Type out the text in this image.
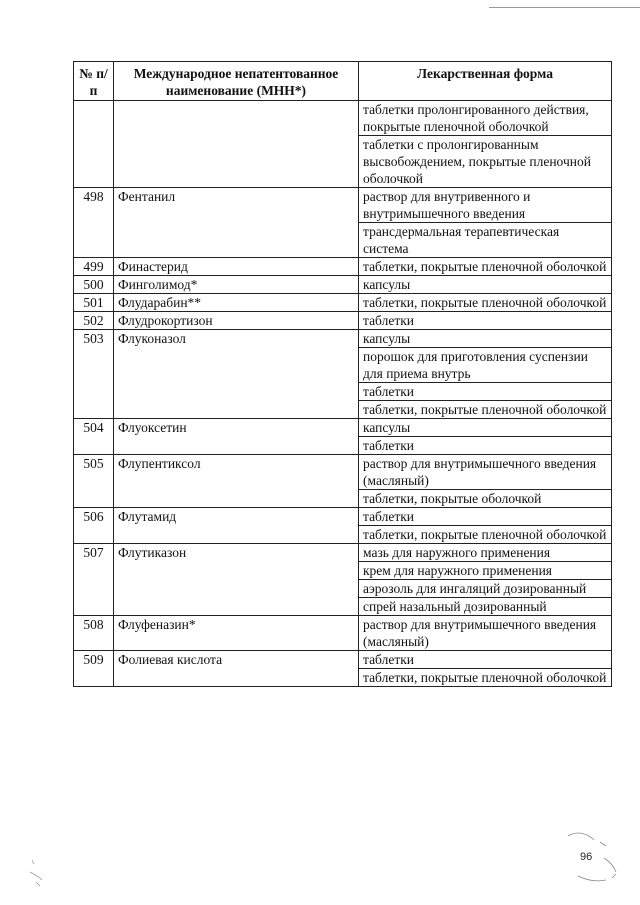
№ п/п	Международное непатентованное наименование (МНН*)	Лекарственная форма
		таблетки пролонгированного действия, покрытые пленочной оболочкой
		таблетки с пролонгированным высвобождением, покрытые пленочной оболочкой
498	Фентанил	раствор для внутривенного и внутримышечного введения
		трансдермальная терапевтическая система
499	Финастерид	таблетки, покрытые пленочной оболочкой
500	Финголимод*	капсулы
501	Флударабин**	таблетки, покрытые пленочной оболочкой
502	Флудрокортизон	таблетки
503	Флуконазол	капсулы
		порошок для приготовления суспензии для приема внутрь
		таблетки
		таблетки, покрытые пленочной оболочкой
504	Флуоксетин	капсулы
		таблетки
505	Флупентиксол	раствор для внутримышечного введения (масляный)
		таблетки, покрытые оболочкой
506	Флутамид	таблетки
		таблетки, покрытые пленочной оболочкой
507	Флутиказон	мазь для наружного применения
		крем для наружного применения
		аэрозоль для ингаляций дозированный
		спрей назальный дозированный
508	Флуфеназин*	раствор для внутримышечного введения (масляный)
509	Фолиевая кислота	таблетки
		таблетки, покрытые пленочной оболочкой
96
